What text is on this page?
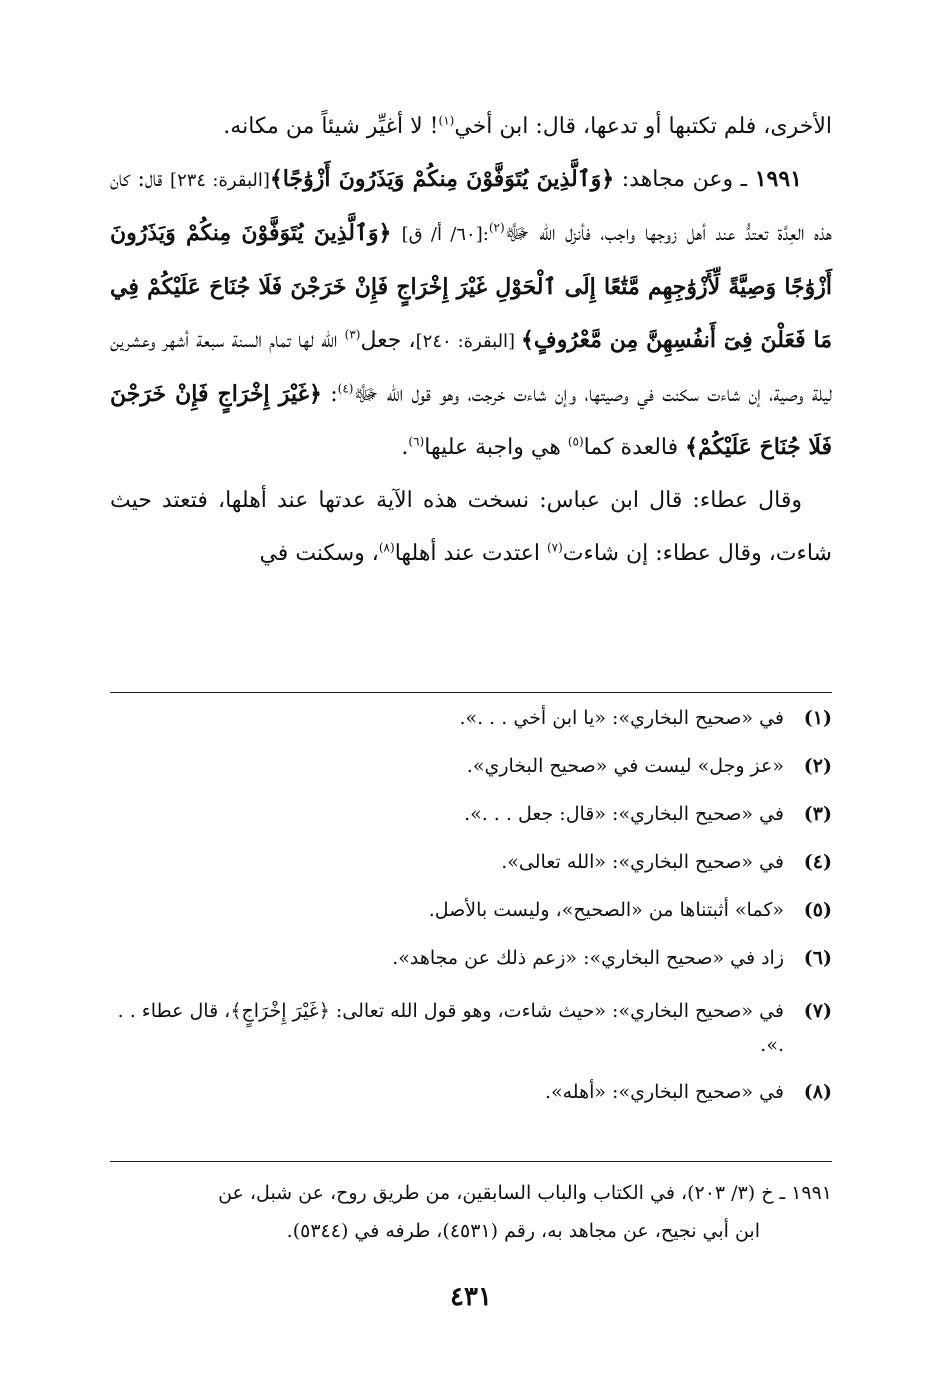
الأخرى، فلم تكتبها أو تدعها، قال: ابن أخي$^{(١)}$! لا أغيِّر شيئاً من مكانه.

١٩٩١ ـ وعن مجاهد: ﴿وَٱلَّذِينَ يُتَوَفَّوْنَ مِنكُمْ وَيَذَرُونَ أَزْوَٰجًا﴾[البقرة: ٢٣٤] قال: كان هذه العِدَّة تعتدُّ عند أهل زوجها واجب، فأنزل الله ﷻ$^{(٢)}$:[٦٠/ أ/ ق] ﴿وَٱلَّذِينَ يُتَوَفَّوْنَ مِنكُمْ وَيَذَرُونَ أَزْوَٰجًا وَصِيَّةً لِّأَزْوَٰجِهِم مَّتَٰعًا إِلَى ٱلْحَوْلِ غَيْرَ إِخْرَاجٍ فَإِنْ خَرَجْنَ فَلَا جُنَاحَ عَلَيْكُمْ فِي مَا فَعَلْنَ فِىٓ أَنفُسِهِنَّ مِن مَّعْرُوفٍ﴾ [البقرة: ٢٤٠]، جعل$^{(٣)}$ الله لها تمام السنة سبعة أشهر وعشرين ليلة وصية، إن شاءت سكنت في وصيتها، وإن شاءت خرجت، وهو قول الله ﷻ$^{(٤)}$: ﴿غَيْرَ إِخْرَاجٍ فَإِنْ خَرَجْنَ فَلَا جُنَاحَ عَلَيْكُمْ﴾ فالعدة كما$^{(٥)}$ هي واجبة عليها$^{(٦)}$.

وقال عطاء: قال ابن عباس: نسخت هذه الآية عدتها عند أهلها، فتعتد حيث شاءت، وقال عطاء: إن شاءت$^{(٧)}$ اعتدت عند أهلها$^{(٨)}$، وسكنت في

(١)
في «صحيح البخاري»: «يا ابن أخي . . .».
(٢)
«عز وجل» ليست في «صحيح البخاري».
(٣)
في «صحيح البخاري»: «قال: جعل . . .».
(٤)
في «صحيح البخاري»: «الله تعالى».
(٥)
«كما» أثبتناها من «الصحيح»، وليست بالأصل.
(٦)
زاد في «صحيح البخاري»: «زعم ذلك عن مجاهد».
(٧)
في «صحيح البخاري»: «حيث شاءت، وهو قول الله تعالى: ﴿غَيْرَ إِخْرَاجٍ﴾، قال عطاء . . .».
(٨)
في «صحيح البخاري»: «أهله».
١٩٩١ ـ خ (٣/ ٢٠٣)، في الكتاب والباب السابقين، من طريق روح، عن شبل، عن
ابن أبي نجيح، عن مجاهد به، رقم (٤٥٣١)، طرفه في (٥٣٤٤).
٤٣١
